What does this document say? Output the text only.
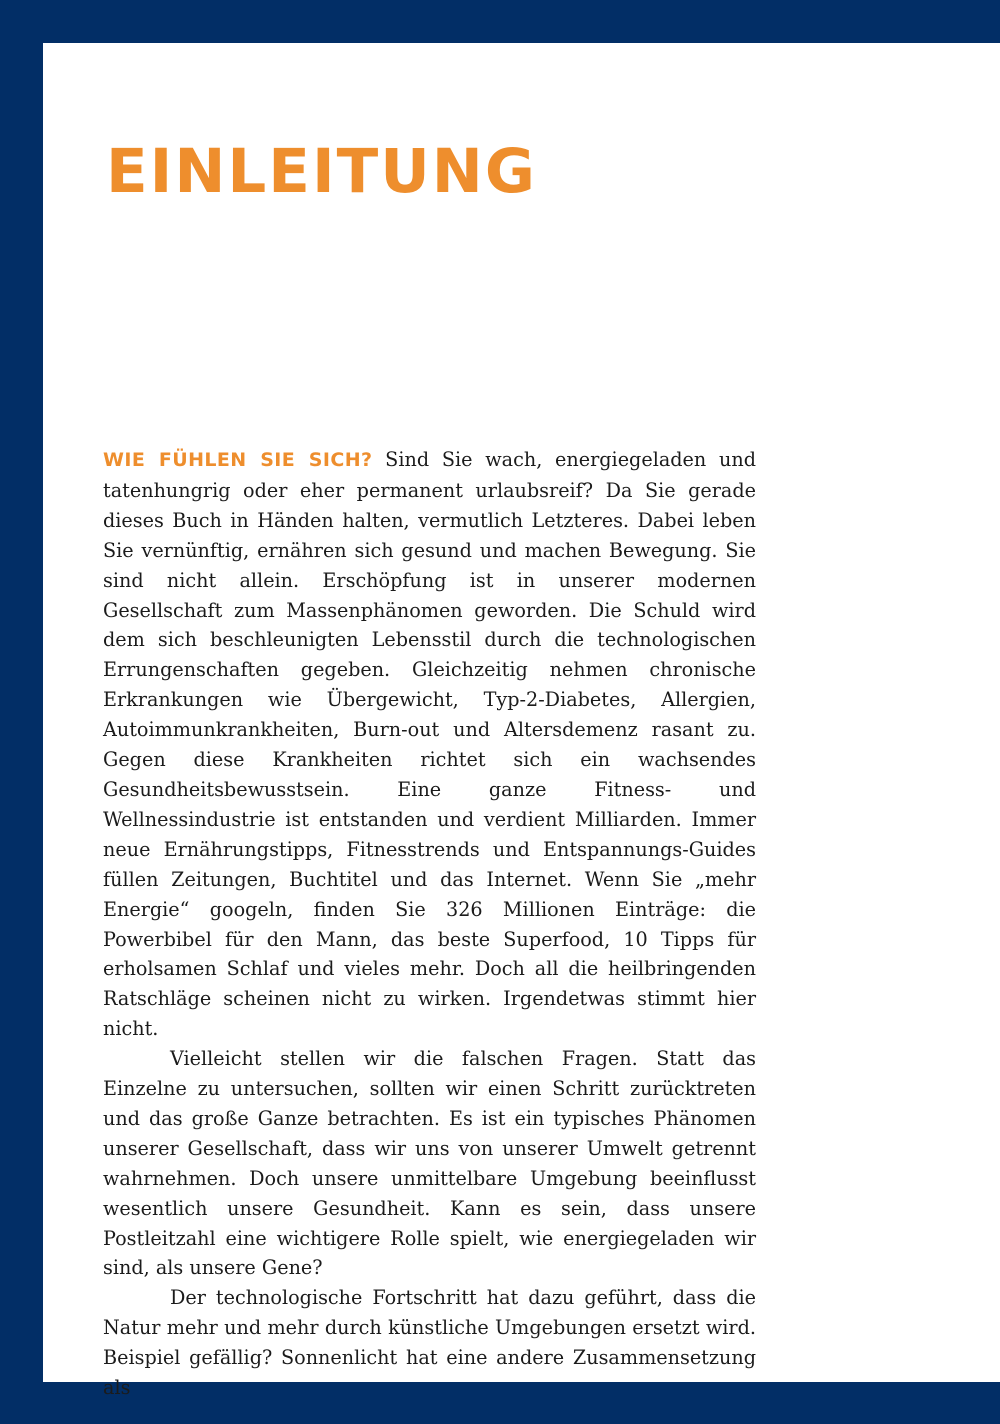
EINLEITUNG

WIE FÜHLEN SIE SICH? Sind Sie wach, energiegeladen und tatenhungrig oder eher permanent urlaubsreif? Da Sie gerade dieses Buch in Händen halten, vermutlich Letzteres. Dabei leben Sie vernünftig, ernähren sich gesund und machen Bewegung. Sie sind nicht allein. Erschöpfung ist in unserer modernen Gesellschaft zum Massenphänomen geworden. Die Schuld wird dem sich beschleunigten Lebensstil durch die technologischen Errungenschaften gegeben. Gleichzeitig nehmen chronische Erkrankungen wie Übergewicht, Typ-2-Diabetes, Allergien, Autoimmunkrankheiten, Burn-out und Altersdemenz rasant zu. Gegen diese Krankheiten richtet sich ein wachsendes Gesundheitsbewusstsein. Eine ganze Fitness- und Wellnessindustrie ist entstanden und verdient Milliarden. Immer neue Ernährungstipps, Fitnesstrends und Entspannungs-Guides füllen Zeitungen, Buchtitel und das Internet. Wenn Sie „mehr Energie“ googeln, finden Sie 326 Millionen Einträge: die Powerbibel für den Mann, das beste Superfood, 10 Tipps für erholsamen Schlaf und vieles mehr. Doch all die heilbringenden Ratschläge scheinen nicht zu wirken. Irgendetwas stimmt hier nicht.

Vielleicht stellen wir die falschen Fragen. Statt das Einzelne zu untersuchen, sollten wir einen Schritt zurücktreten und das große Ganze betrachten. Es ist ein typisches Phänomen unserer Gesellschaft, dass wir uns von unserer Umwelt getrennt wahrnehmen. Doch unsere unmittelbare Umgebung beeinflusst wesentlich unsere Gesundheit. Kann es sein, dass unsere Postleitzahl eine wichtigere Rolle spielt, wie energiegeladen wir sind, als unsere Gene?

Der technologische Fortschritt hat dazu geführt, dass die Natur mehr und mehr durch künstliche Umgebungen ersetzt wird. Beispiel gefällig? Sonnenlicht hat eine andere Zusammensetzung als
